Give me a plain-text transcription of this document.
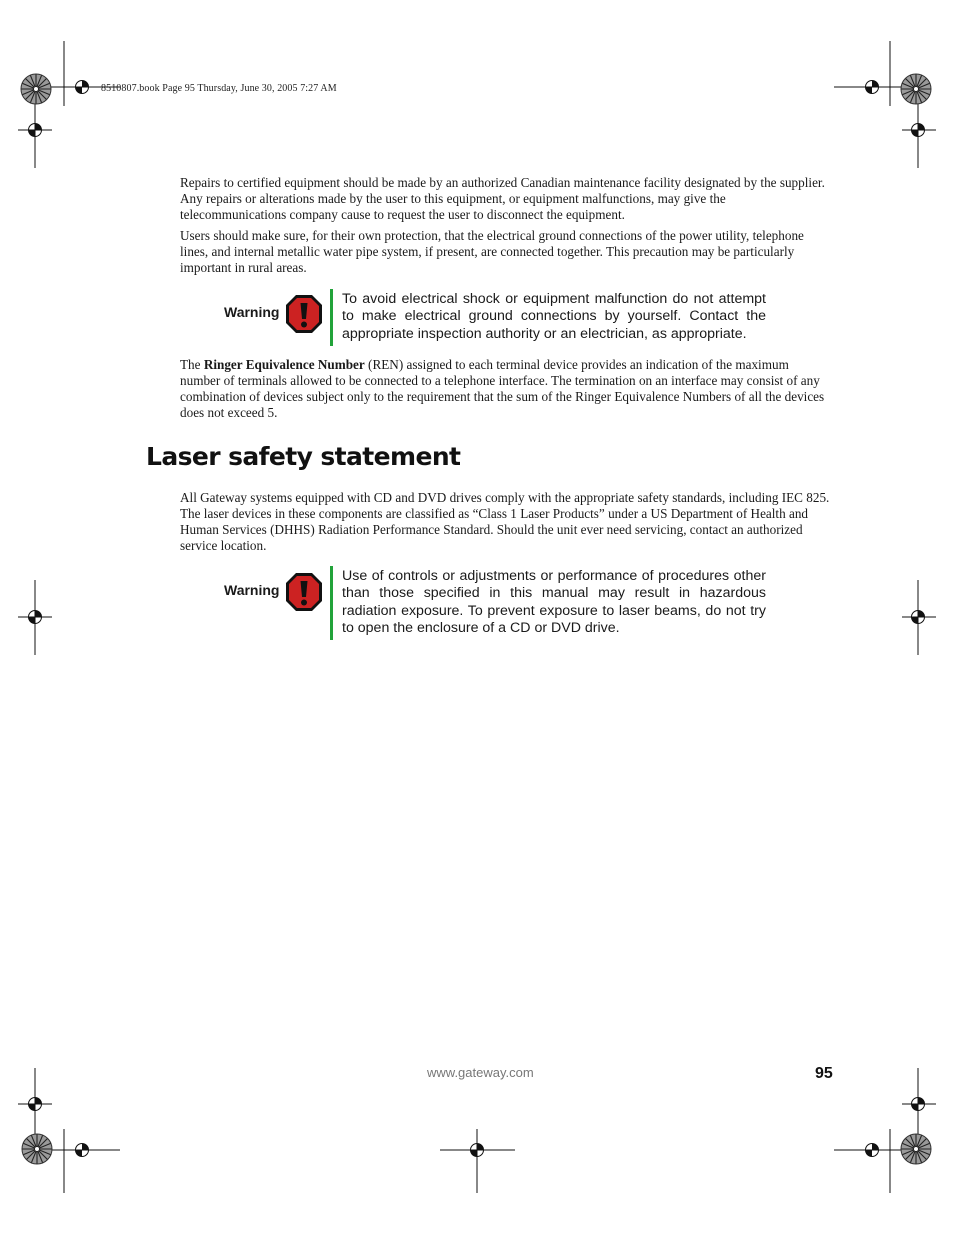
8510807.book Page 95 Thursday, June 30, 2005 7:27 AM

Repairs to certified equipment should be made by an authorized Canadian maintenance facility designated by the supplier. Any repairs or alterations made by the user to this equipment, or equipment malfunctions, may give the telecommunications company cause to request the user to disconnect the equipment.

Users should make sure, for their own protection, that the electrical ground connections of the power utility, telephone lines, and internal metallic water pipe system, if present, are connected together. This precaution may be particularly important in rural areas.

Warning

To avoid electrical shock or equipment malfunction do not attempt to make electrical ground connections by yourself. Contact the appropriate inspection authority or an electrician, as appropriate.

The Ringer Equivalence Number (REN) assigned to each terminal device provides an indication of the maximum number of terminals allowed to be connected to a telephone interface. The termination on an interface may consist of any combination of devices subject only to the requirement that the sum of the Ringer Equivalence Numbers of all the devices does not exceed 5.

Laser safety statement

All Gateway systems equipped with CD and DVD drives comply with the appropriate safety standards, including IEC 825. The laser devices in these components are classified as “Class 1 Laser Products” under a US Department of Health and Human Services (DHHS) Radiation Performance Standard. Should the unit ever need servicing, contact an authorized service location.

Warning

Use of controls or adjustments or performance of procedures other than those specified in this manual may result in hazardous radiation exposure. To prevent exposure to laser beams, do not try to open the enclosure of a CD or DVD drive.

www.gateway.com	95
